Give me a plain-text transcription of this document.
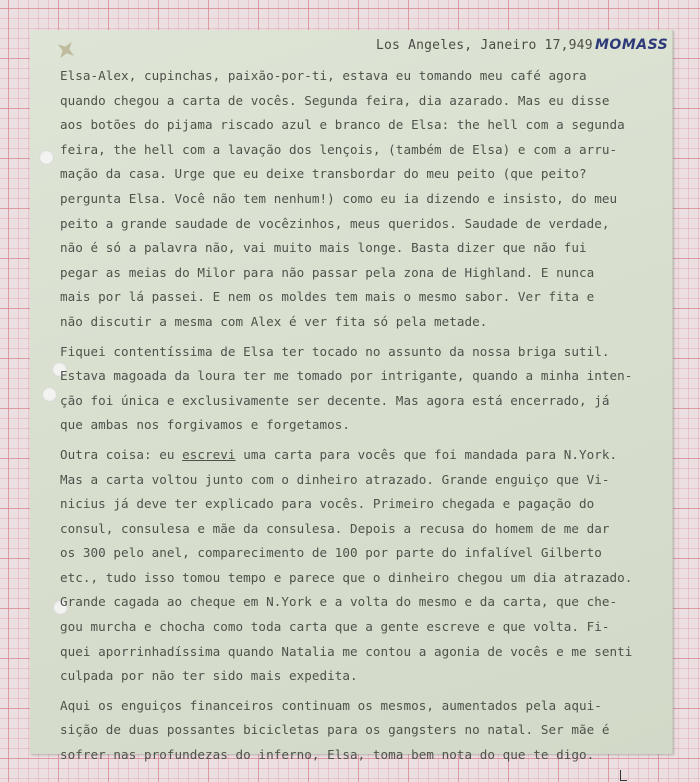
Los Angeles, Janeiro 17,949.
MOMASS
Elsa-Alex, cupinchas, paixão-por-ti, estava eu tomando meu café agora
quando chegou a carta de vocês. Segunda feira, dia azarado. Mas eu disse
aos botões do pijama riscado azul e branco de Elsa: the hell com a segunda
feira, the hell com a lavação dos lençois, (também de Elsa) e com a arru-
mação da casa. Urge que eu deixe transbordar do meu peito (que peito?
pergunta Elsa. Você não tem nenhum!) como eu ia dizendo e insisto, do meu
peito a grande saudade de vocêzinhos, meus queridos. Saudade de verdade,
não é só a palavra não, vai muito mais longe. Basta dizer que não fui
pegar as meias do Milor para não passar pela zona de Highland. E nunca
mais por lá passei. E nem os moldes tem mais o mesmo sabor. Ver fita e
não discutir a mesma com Alex é ver fita só pela metade.
Fiquei contentíssima de Elsa ter tocado no assunto da nossa briga sutil.
Estava magoada da loura ter me tomado por intrigante, quando a minha inten-
ção foi única e exclusivamente ser decente. Mas agora está encerrado, já
que ambas nos forgivamos e forgetamos.
Outra coisa: eu escrevi uma carta para vocês que foi mandada para N.York.
Mas a carta voltou junto com o dinheiro atrazado. Grande enguiço que Vi-
nicius já deve ter explicado para vocês. Primeiro chegada e pagação do
consul, consulesa e mãe da consulesa. Depois a recusa do homem de me dar
os 300 pelo anel, comparecimento de 100 por parte do infalível Gilberto
etc., tudo isso tomou tempo e parece que o dinheiro chegou um dia atrazado.
Grande cagada ao cheque em N.York e a volta do mesmo e da carta, que che-
gou murcha e chocha como toda carta que a gente escreve e que volta. Fi-
quei aporrinhadíssima quando Natalia me contou a agonia de vocês e me senti
culpada por não ter sido mais expedita.
Aqui os enguiços financeiros continuam os mesmos, aumentados pela aqui-
sição de duas possantes bicicletas para os gangsters no natal. Ser mãe é
sofrer nas profundezas do inferno, Elsa, toma bem nota do que te digo.
